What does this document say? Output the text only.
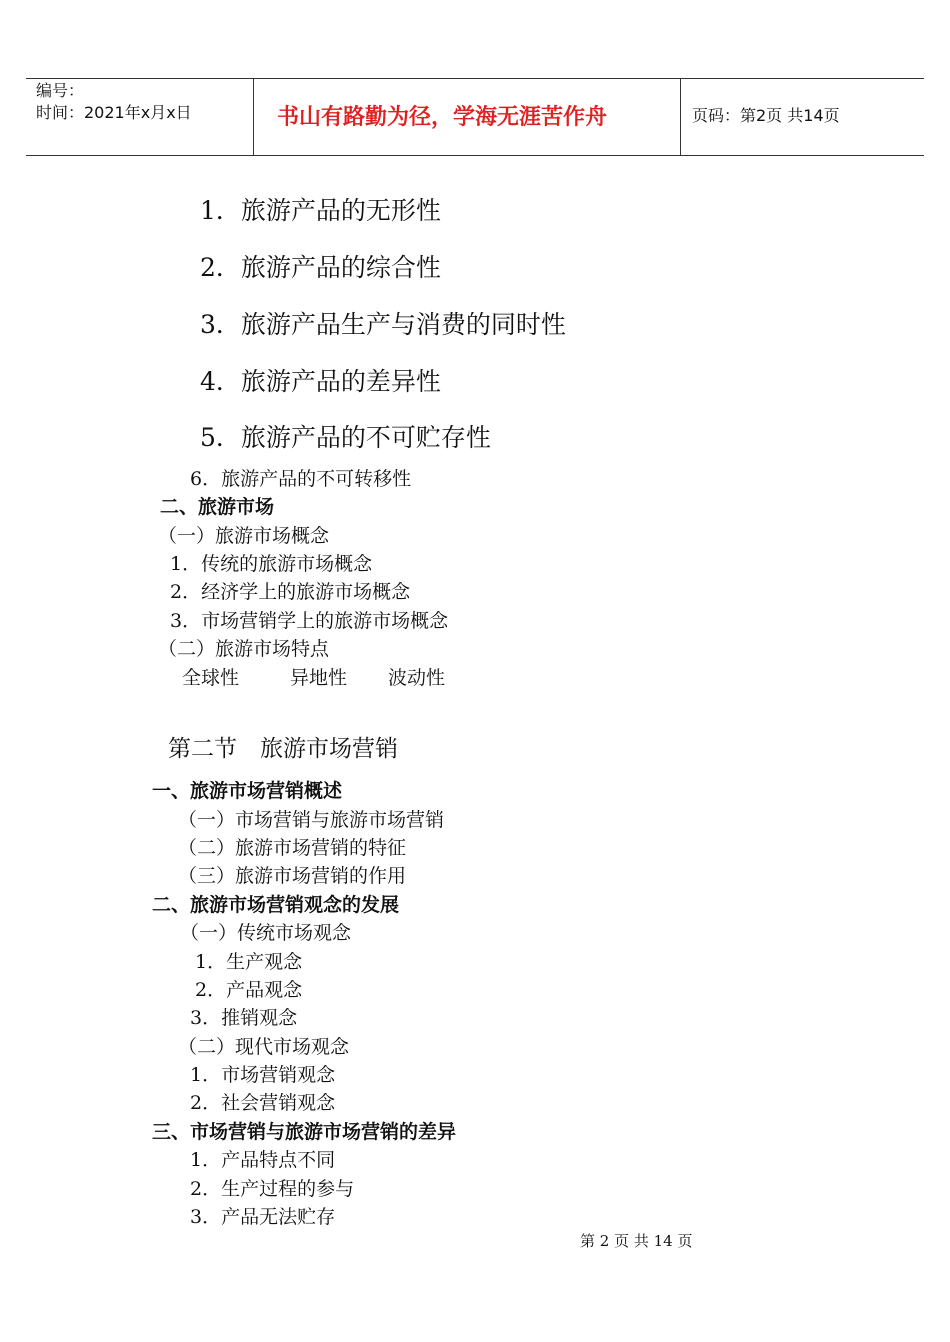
编号：
时间：2021年x月x日	书山有路勤为径，学海无涯苦作舟	页码：第2页 共14页
1．旅游产品的无形性
2．旅游产品的综合性
3．旅游产品生产与消费的同时性
4．旅游产品的差异性
5．旅游产品的不可贮存性
6．旅游产品的不可转移性
二、旅游市场
（一）旅游市场概念
1．传统的旅游市场概念
2．经济学上的旅游市场概念
3．市场营销学上的旅游市场概念
（二）旅游市场特点
全球性	异地性 波动性
第二节　旅游市场营销
一、旅游市场营销概述
（一）市场营销与旅游市场营销
（二）旅游市场营销的特征
（三）旅游市场营销的作用
二、旅游市场营销观念的发展
（一）传统市场观念
1．生产观念
2．产品观念
3．推销观念
（二）现代市场观念
1．市场营销观念
2．社会营销观念
三、市场营销与旅游市场营销的差异
1．产品特点不同
2．生产过程的参与
3．产品无法贮存
第 2 页 共 14 页
